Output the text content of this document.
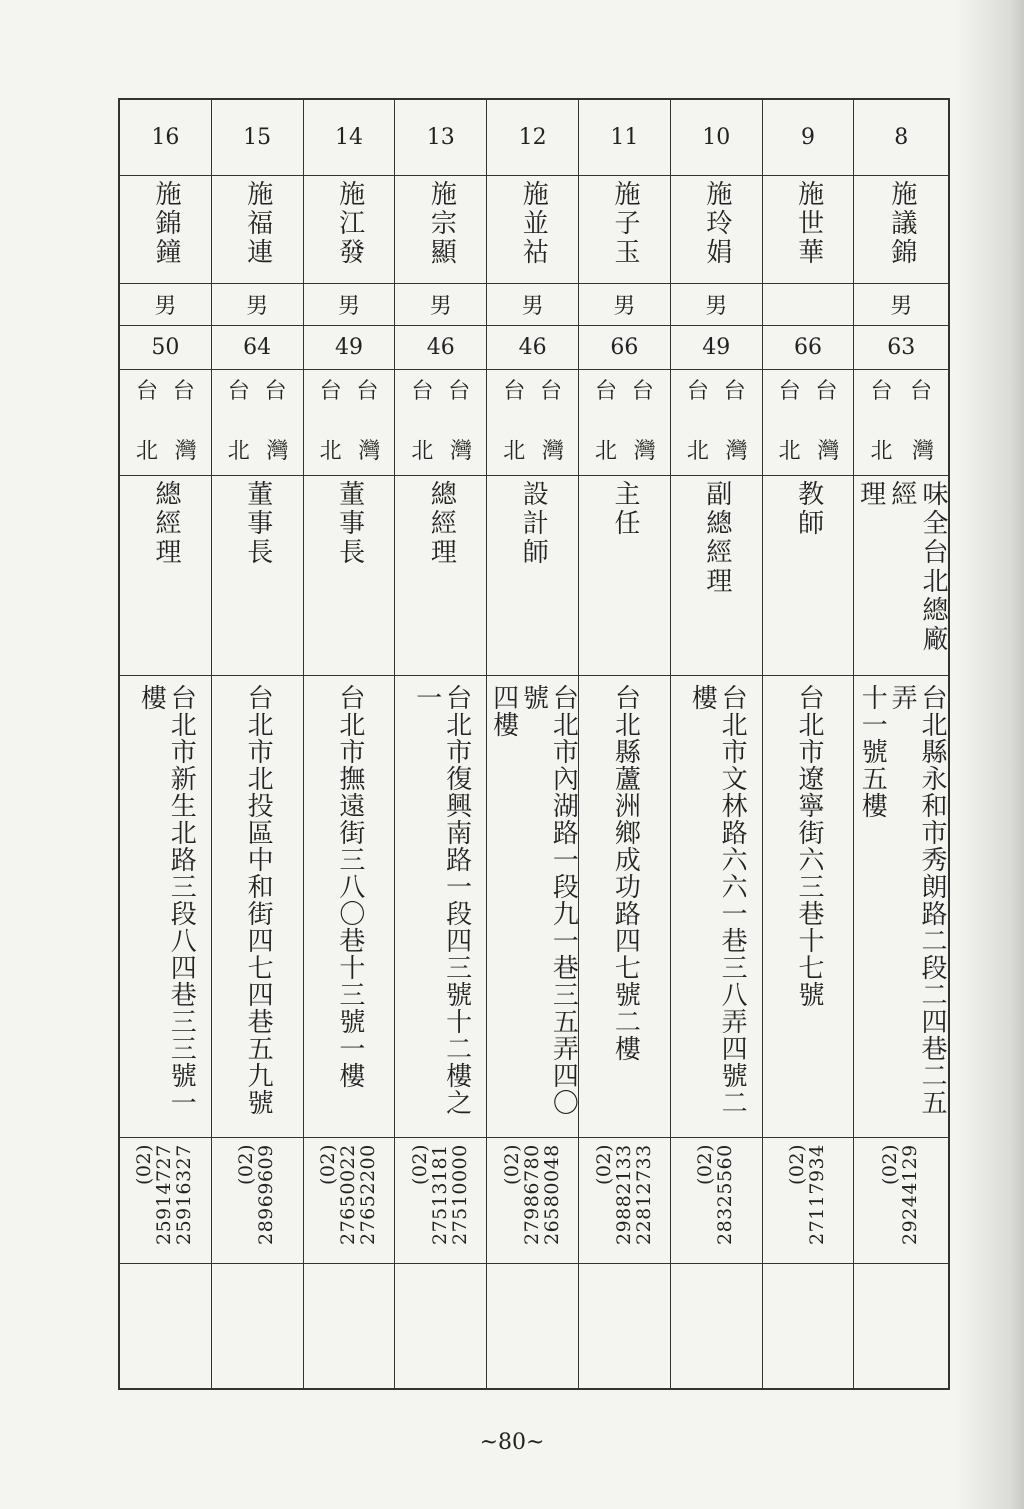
8
施議錦
男
63
台
台
灣
北
味全台北總廠經
理
台北縣永和市秀朗路二段二四巷二五弄
十一號五樓
(02)
29244129
9
施世華
66
台
台
灣
北
教師
台北市遼寧街六三巷十七號
(02)
27117934
10
施玲娟
男
49
台
台
灣
北
副總經理
台北市文林路六六一巷三八弄四號二樓
(02)
28325560
11
施子玉
男
66
台
台
灣
北
主任
台北縣蘆洲鄉成功路四七號二樓
(02)
29882133
22812733
12
施並祜
男
46
台
台
灣
北
設計師
台北市內湖路一段九一巷三五弄四〇號
四樓
(02)
27986780
26580048
13
施宗顯
男
46
台
台
灣
北
總經理
台北市復興南路一段四三號十二樓之一
(02)
27513181
27510000
14
施江發
男
49
台
台
灣
北
董事長
台北市撫遠街三八〇巷十三號一樓
(02)
27650022
27652200
15
施福連
男
64
台
台
灣
北
董事長
台北市北投區中和街四七四巷五九號
(02)
28969609
16
施錦鐘
男
50
台
台
灣
北
總經理
台北市新生北路三段八四巷三三號一樓
(02)
25914727
25916327
~80~
